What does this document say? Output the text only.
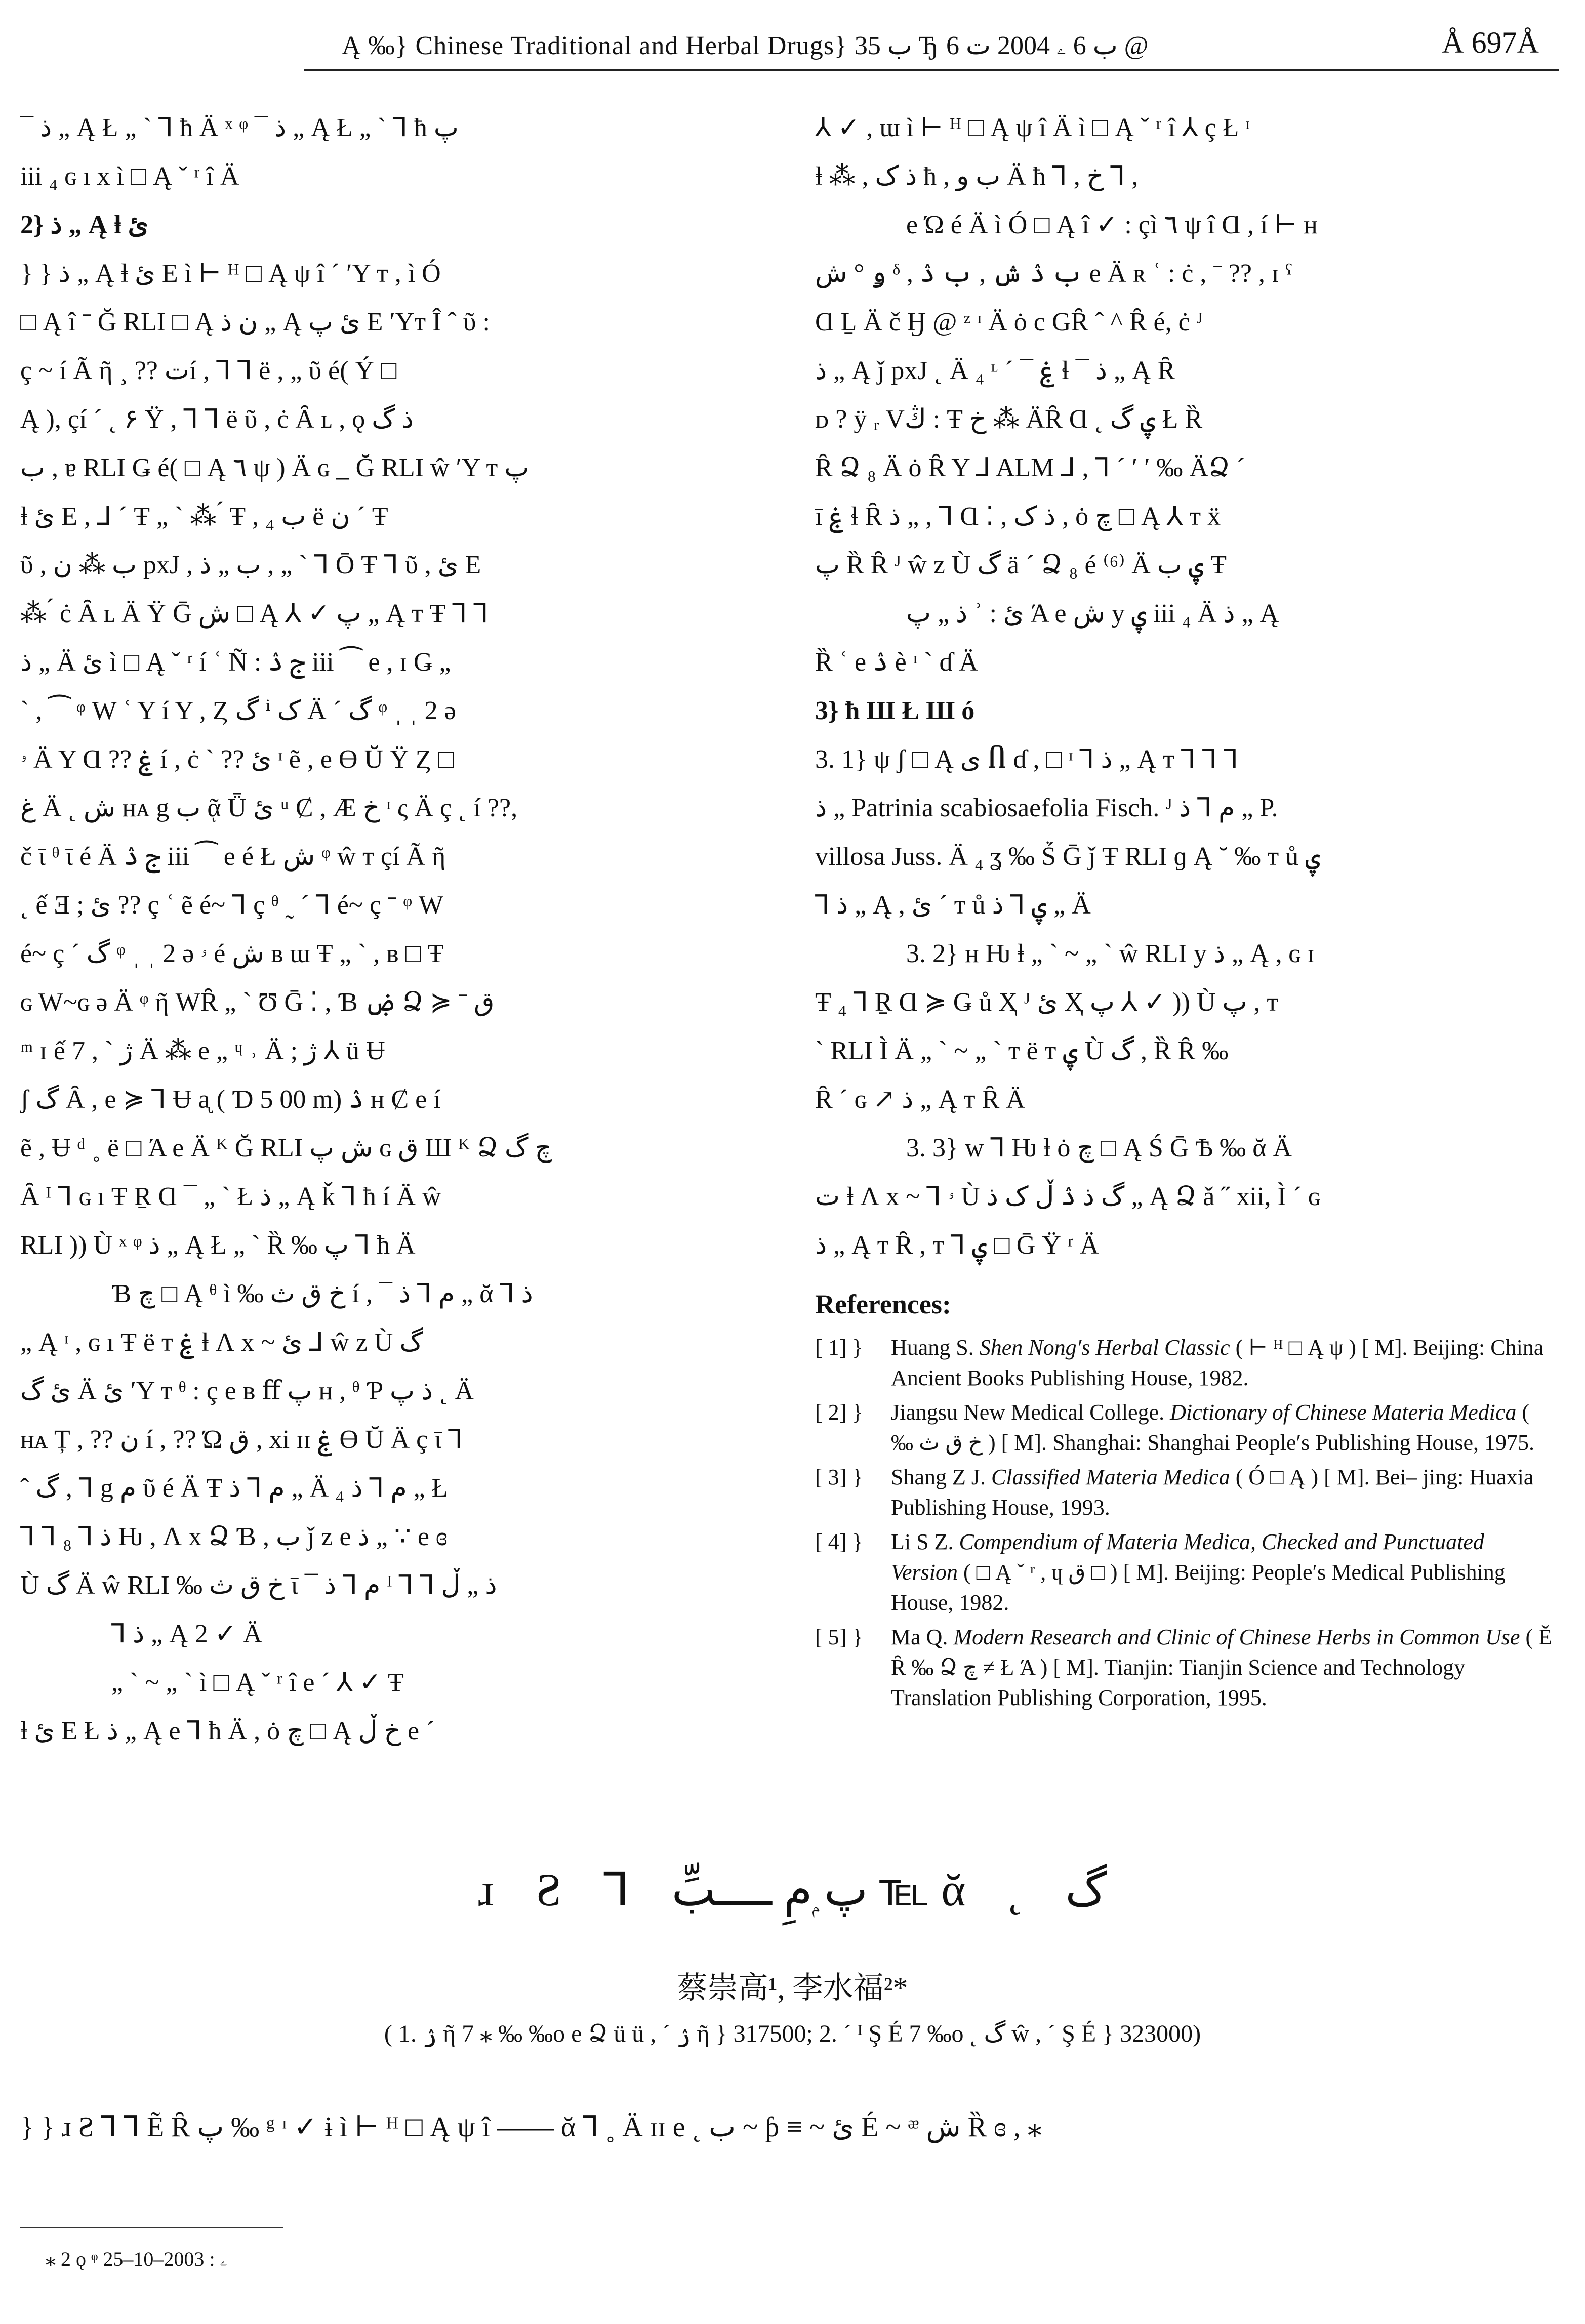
Ą ‰} Chinese Traditional and Herbal Drugs} ب 35 Ђ ب 6 ۦ 2004 ت 6 @	Å 697Å
¯ ذ „ Ą Ł „ ` ⅂ ħ Ä ˣ ᵠ ¯ ذ „ Ą Ł „ ` ⅂ ħ پ
iii ₄ ɢ ı x ì □ Ą ˇ ʳ î Ä
2} ذ „ Ą ⱡ ئ
} } ذ „ Ą ⱡ ئ E ì ⊢ ᴴ □ Ą ψ î ´ ʹY ᴛ , ì Ó
□ Ą î ˉ Ğ RLI □ Ą ن ذ „ Ą ئ پ E ʹYᴛ Î ˆ ῦ :
ç ~ í Ã ῆ ¸ ?? تí , ⅂ ⅂ ë , „ ῦ é( Ý □
Ą ), çí ´ ˛ ۶ Ÿ , ⅂ ⅂ ë ῦ , ċ Ȃ ʟ , ǫ ذ گ
ب , ɐ RLI Ǥ é( □ Ą ٦ ψ ) Ä ɢ _ Ğ RLI ŵ ʹY ᴛ پ
ⱡ ئ E , ⅃ ´ Ŧ „ ` ⁂ ́ Ŧ , ₄ ب ë ن ´ Ŧ
ῦ , ب ⁂ ن pxJ , ب „ ذ , „ ` ⅂ Ō Ŧ ⅂ ῦ , ئ E
⁂ ́ ċ Ȃ ʟ Ä Ÿ Ḡ ش □ Ą ⅄ ✓ پ „ Ą ᴛ Ŧ ⅂ ⅂
ذ „ Ä ئ ì □ Ą ˇ ʳ í ʿ Ñ : ج ۮ iii ⁀ e , ɪ Ǥ „
` , ⁀ ᵠ W ʿ Y í Y , Ȥ گ ⁱ ک Ä ´ گ ᵠ ˌ ˌ 2 ə
ۥ Ä Y Ɑ ?? ۼ í , ċ ` ?? ئ ᶦ ẽ , e ϴ Ŭ Ÿ Ȥ □
غ Ä ˛ ش ʜᴀ g ب ᾷ Ǖ ئ ᵘ Ȼ , Æ خ ᶦ ς Ä ç ˛ í ??,
č ῑ ᶿ ῑ é Ä ج ۮ iii ⁀ e é Ł ش ᵠ ŵ ᴛ çí Ã ῆ
˛ ế Ǝ ; ئ ?? ç ʿ ẽ é~ ⅂ ç ᶿ ˷ ´ ⅂ é~ ç ˉ ᵠ W
é~ ç ´ گ ᵠ ˌ ˌ 2 ə ۥ é ش ʙ ɯ Ŧ „ ` , ʙ □ Ŧ
ɢ W~ɢ ə Ä ᵠ ῆ WȒ „ ` Ʊ Ḡ ⁚ , Ɓ ۻ Ձ ≽ ˉ ق
ᵐ ɪ ế ژ ` , 7 Ä ⁂ e „ ᶣ ˒ Ä ; ژ ⅄ ü Ʉ
ʃ گ Ȃ , e ≽ ⅂ Ʉ ᶏ ( Ɗ 5 00 m) ۮ ʜ Ȼ e í
ẽ , Ʉ ᵈ ˳ ë □ Ά e Ä ᴷ Ğ RLI ش پ ɢ ق Ш ᴷ Ձ چ گ
Ȃ ᴵ ⅂ ɢ ı Ŧ Ṟ Ɑ ¯ „ ` Ł ذ „ Ą ǩ ⅂ ħ í Ä ŵ
RLI )) Ù ˣ ᵠ ذ „ Ą Ł „ ` Ȑ ‰ پ ⅂ ħ Ä
Ɓ چ □ Ą ᶿ ì ‰ خ ق ث í , ¯ م ⅂ ذ „ ᾰ ⅂ ذ
„ Ą ᶦ , ɢ ı Ŧ ë ᴛ ۼ ⱡ Ʌ x ~ ئ ⅃ ŵ z Ù گ
ئ گ Ä ئ ʹY ᴛ ᶿ : ç e ʙ ﬀ پ ʜ , ᶿ Ƥ ذ پ ˛ Ä
ʜᴀ Ț , ?? ن í , ?? Ώ ق , xi ɪɪ ۼ ϴ Ŭ Ä ç ῑ ⅂
ˆ گ , ⅂ g م ῦ é Ä Ŧ م ⅂ ذ „ Ä ₄ م ⅂ ذ „ Ł
⅂ ⅂ ذ ⅂ ₈ Ƕ , Ʌ x Ձ Ɓ , ب ǰ z e ذ „ ∵ e ɞ
Ù گ Ä ŵ RLI ‰ خ ق ث ῑ ¯ م ⅂ ذ ᴵ ⅂ ⅂ ذ „ ڵ
⅂ ذ „ Ą 2 ✓ Ä
„ ` ~ „ ` ì □ Ą ˇ ʳ î e ´ ⅄ ✓ Ŧ
ⱡ ئ E Ł ذ „ Ą e ⅂ ħ Ä , ȯ چ □ Ą خ ڵ e ´
⅄ ✓ , ɯ ì ⊢ ᴴ □ Ą ψ î Ä ì □ Ą ˇ ʳ î ⅄ ç Ł ᶦ
ⱡ ⁂ , ذ ک ħ , ب ﻭ Ä ħ ⅂ , خ ⅂ ,
e Ώ é Ä ì Ó □ Ą î ✓ : çì ٦ ψ î Ɑ , í ⊢ ʜ
ۅ ° ش ᵟ , ب ۮ ش , ب ۮ e Ä ʀ ʿ : ċ , ˉ ?? , ɪ ˤ
Ɑ Ḻ Ä č Ӈ @ ᶻ ᶦ Ä ȯ c GȒ ˆ ^ Ȓ é, ċ ᴶ
ذ „ Ą ǰ pxJ ˛ Ä ₄ ᶫ ´ ¯ ۼ ɬ ¯ ذ „ Ą Ȓ
ᴅ ? ÿ ᵣ Vڭ : Ŧ خ ⁂ ÄȒ Ɑ ˛ ۑ گ Ł Ȑ
Ȓ Ձ ₈ Ä ȯ Ȓ Y ⅃ ALM ⅃ , ⅂ ´ ʹ ʹ ‰ ÄՁ ´
ī ۼ ɬ Ȓ ذ „ , ⅂ Ɑ ⁚ , ذ ک , ȯ چ □ Ą ⅄ ᴛ ẍ
پ Ȑ Ȓ ᴶ ŵ z Ù گ ä ´ Ձ ₈ é ⁽⁶⁾ Ä ۑ ب Ŧ
ذ „ پ ʾ : ئ Ά e ش y ۑ iii ₄ Ä ذ „ Ą
Ȑ ʿ e ۮ è ᶦ ` ɗ Ä
3} ħ Ш Ł Ш ó
3. 1} ψ ʃ □ Ą ى Ⴖ ɗ , □ ᶦ ⅂ ذ „ Ą ᴛ ⅂ ⅂ ⅂
ذ „ Patrinia scabiosaefolia Fisch. ᴶ م ⅂ ذ „ P.
villosa Juss. Ä ₄ ʓ ‰ Ṥ Ḡ ǰ Ŧ RLI ɡ Ą ˘ ‰ ᴛ ů ۑ
⅂ ذ „ Ą , ئ ´ ᴛ ů ۑ ⅂ ذ „ Ä
3. 2} ʜ Ƕ ⱡ „ ` ~ „ ` ŵ RLI y ذ „ Ą , ɢ ɪ
Ŧ ₄ ⅂ Ṟ Ɑ ≽ Ǥ ů Ҳ ᴶ ئ Ҳ پ ⅄ ✓ )) Ù پ , ᴛ
` RLI Ì Ä „ ` ~ „ ` ᴛ ë ᴛ ۑ Ù گ , Ȑ Ȓ ‰
Ȓ ´ ɢ ↗ ذ „ Ą ᴛ Ȓ Ä
3. 3} w ⅂ Ƕ ⱡ ȯ چ □ Ą Ś Ḡ Ѣ ‰ ᾰ Ä
ت ⱡ Ʌ x ~ ⅂ ۥ Ù گ ذ ۮ ڵ ک ذ „ Ą Ձ ǎ ˝ xii, Ì ´ ɢ
ذ „ Ą ᴛ Ȓ , ᴛ ⅂ ۑ □ Ḡ Ÿ ʳ Ä
References:
[ 1] } Huang S. Shen Nong′s Herbal Classic ( ⊢ ᴴ □ Ą ψ ) [ M]. Beijing: China Ancient Books Publishing House, 1982.
[ 2] } Jiangsu New Medical College. Dictionary of Chinese Materia Medica ( ‰ خ ق ث ) [ M]. Shanghai: Shanghai People′s Publishing House, 1975.
[ 3] } Shang Z J. Classified Materia Medica ( Ó □ Ą ) [ M]. Bei– jing: Huaxia Publishing House, 1993.
[ 4] } Li S Z. Compendium of Materia Medica, Checked and Punctuated Version ( □ Ą ˇ ʳ , ɥ ق □ ) [ M]. Beijing: People′s Medical Publishing House, 1982.
[ 5] } Ma Q. Modern Research and Clinic of Chinese Herbs in Common Use ( Ě Ȓ ‰ Ձ چ ≠ Ł Ά ) [ M]. Tianjin: Tianjin Science and Technology Translation Publishing Corporation, 1995.
ɹ Ƨ ⅂ پ ۭمِ ــــبِّ ℡ ᾰ ˛ گ
蔡崇高¹, 李水福²*
( 1. ۯ ῆ 7 ⁎ ‰ ‰o e Ձ ü ü , ´ ۯ ῆ } 317500; 2. ´ ᴵ Ş É 7 ‰o ˛ گ ŵ , ´ Ş É } 323000)
} } ɹ Ƨ ⅂ ⅂ Ẽ Ȓ پ ‰ ᵍ ᶦ ✓ ɨ ì ⊢ ᴴ □ Ą ψ î —— ᾰ ⅂ ˳ Ä ɪɪ e ˛ ب ~ ƥ ≡ ~ ئ É ~ ᵆ ش Ȑ ɞ , ⁎
⁎ 2 ǫ ᵠ ۦ : 2003–10–25
